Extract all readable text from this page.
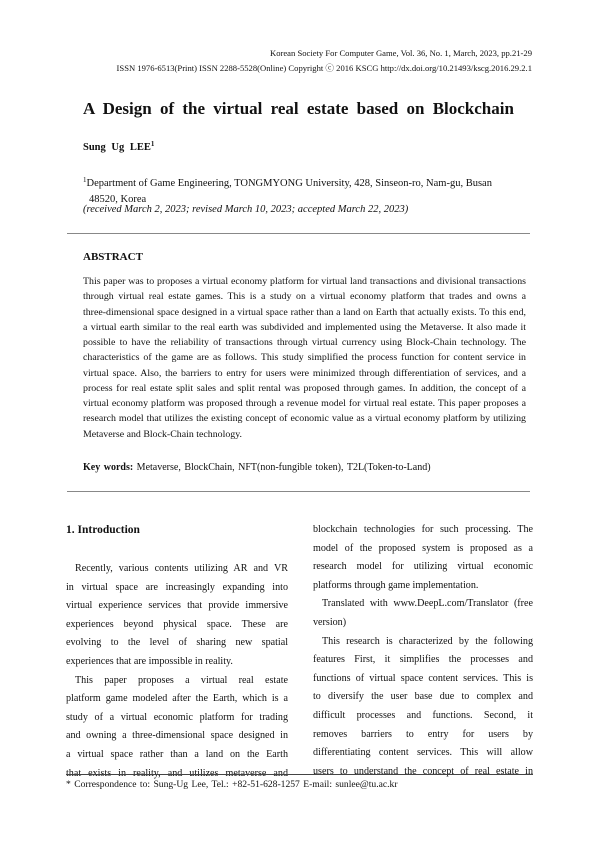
Korean Society For Computer Game, Vol. 36, No. 1, March, 2023, pp.21-29
ISSN 1976-6513(Print) ISSN 2288-5528(Online) Copyright ⓒ 2016 KSCG http://dx.doi.org/10.21493/kscg.2016.29.2.1
A Design of the virtual real estate based on Blockchain
Sung Ug LEE$^1$
$^1$Department of Game Engineering, TONGMYONG University, 428, Sinseon-ro, Nam-gu, Busan
48520, Korea
(received March 2, 2023; revised March 10, 2023; accepted March 22, 2023)
ABSTRACT
This paper was to proposes a virtual economy platform for virtual land transactions and divisional transactions
through virtual real estate games. This is a study on a virtual economy platform that trades and owns a
three-dimensional space designed in a virtual space rather than a land on Earth that actually exists. To this end,
a virtual earth similar to the real earth was subdivided and implemented using the Metaverse. It also made it
possible to have the reliability of transactions through virtual currency using Block-Chain technology. The
characteristics of the game are as follows. This study simplified the process function for content service in
virtual space. Also, the barriers to entry for users were minimized through differentiation of services, and a
process for real estate split sales and split rental was proposed through games. In addition, the concept of a
virtual economy platform was proposed through a revenue model for virtual real estate. This paper proposes a
research model that utilizes the existing concept of economic value as a virtual economy platform by utilizing
Metaverse and Block-Chain technology.
Key words: Metaverse, BlockChain, NFT(non-fungible token), T2L(Token-to-Land)
1. Introduction
Recently, various contents utilizing AR and VR
in virtual space are increasingly expanding into
virtual experience services that provide immersive
experiences beyond physical space. These are
evolving to the level of sharing new spatial
experiences that are impossible in reality.
This paper proposes a virtual real estate
platform game modeled after the Earth, which is a
study of a virtual economic platform for trading
and owning a three-dimensional space designed in
a virtual space rather than a land on the Earth
that exists in reality, and utilizes metaverse and
blockchain technologies for such processing. The
model of the proposed system is proposed as a
research model for utilizing virtual economic
platforms through game implementation.
Translated with www.DeepL.com/Translator (free
version)
This research is characterized by the following
features First, it simplifies the processes and
functions of virtual space content services. This is
to diversify the user base due to complex and
difficult processes and functions. Second, it
removes barriers to entry for users by
differentiating content services. This will allow
users to understand the concept of real estate in
* Correspondence to: Sung-Ug Lee, Tel.: +82-51-628-1257 E-mail: sunlee@tu.ac.kr
